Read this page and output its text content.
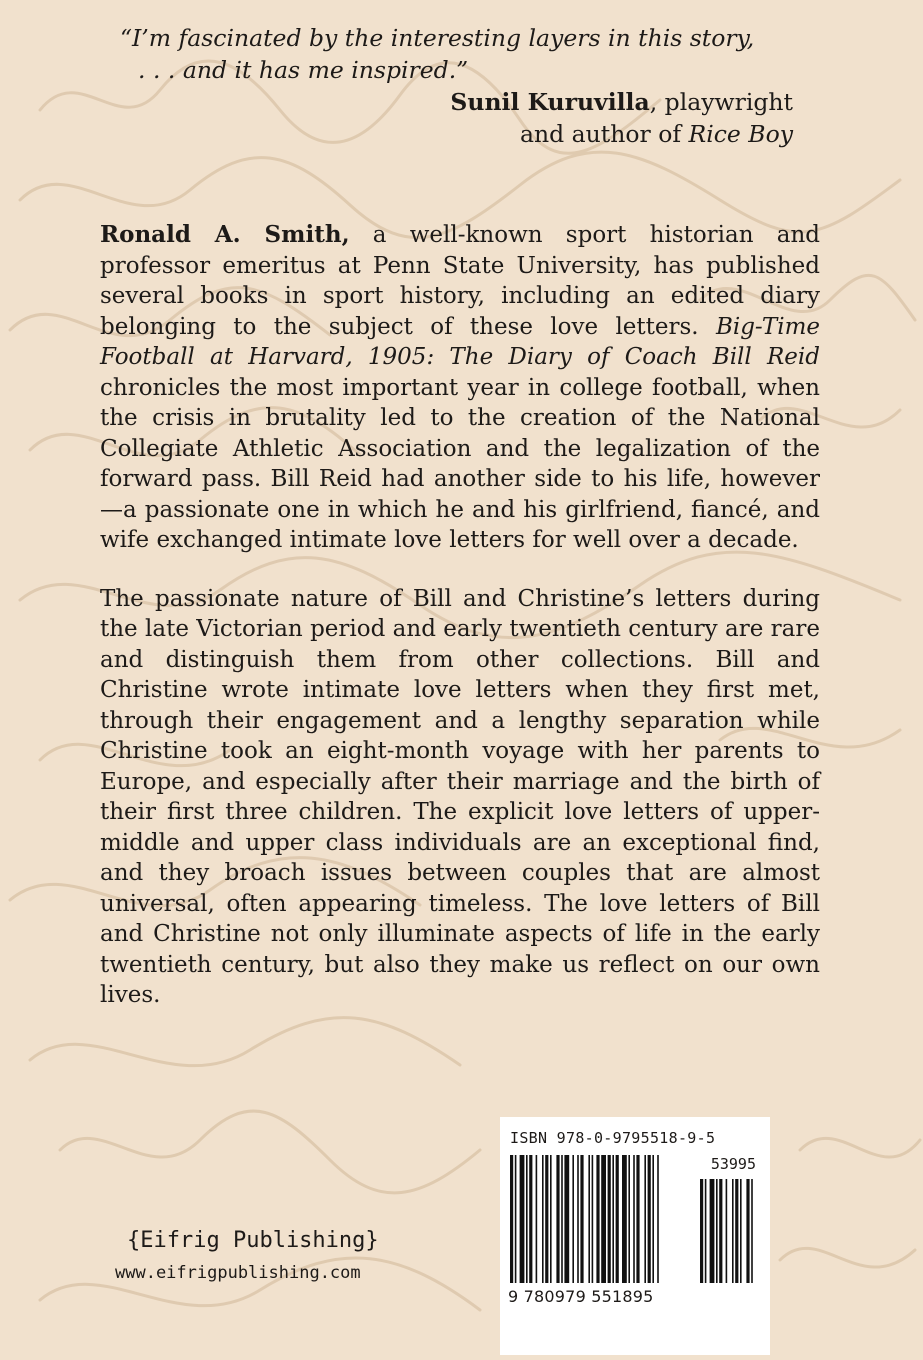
“I’m fascinated by the interesting layers in this story,
. . . and it has me inspired.”
Sunil Kuruvilla, playwright
and author of Rice Boy

Ronald A. Smith, a well-known sport historian and professor emeritus at Penn State University, has published several books in sport history, including an edited diary belonging to the subject of these love letters. Big-Time Football at Harvard, 1905: The Diary of Coach Bill Reid chronicles the most important year in college football, when the crisis in brutality led to the creation of the National Collegiate Athletic Association and the legalization of the forward pass. Bill Reid had another side to his life, however—a passionate one in which he and his girlfriend, fiancé, and wife exchanged intimate love letters for well over a decade.

The passionate nature of Bill and Christine’s letters during the late Victorian period and early twentieth century are rare and distinguish them from other collections. Bill and Christine wrote intimate love letters when they first met, through their engagement and a lengthy separation while Christine took an eight-month voyage with her parents to Europe, and especially after their marriage and the birth of their first three children. The explicit love letters of upper-middle and upper class individuals are an exceptional find, and they broach issues between couples that are almost universal, often appearing timeless. The love letters of Bill and Christine not only illuminate aspects of life in the early twentieth century, but also they make us reflect on our own lives.

{Eifrig Publishing}
www.eifrigpublishing.com
ISBN 978-0-9795518-9-5
53995
9 780979 551895
